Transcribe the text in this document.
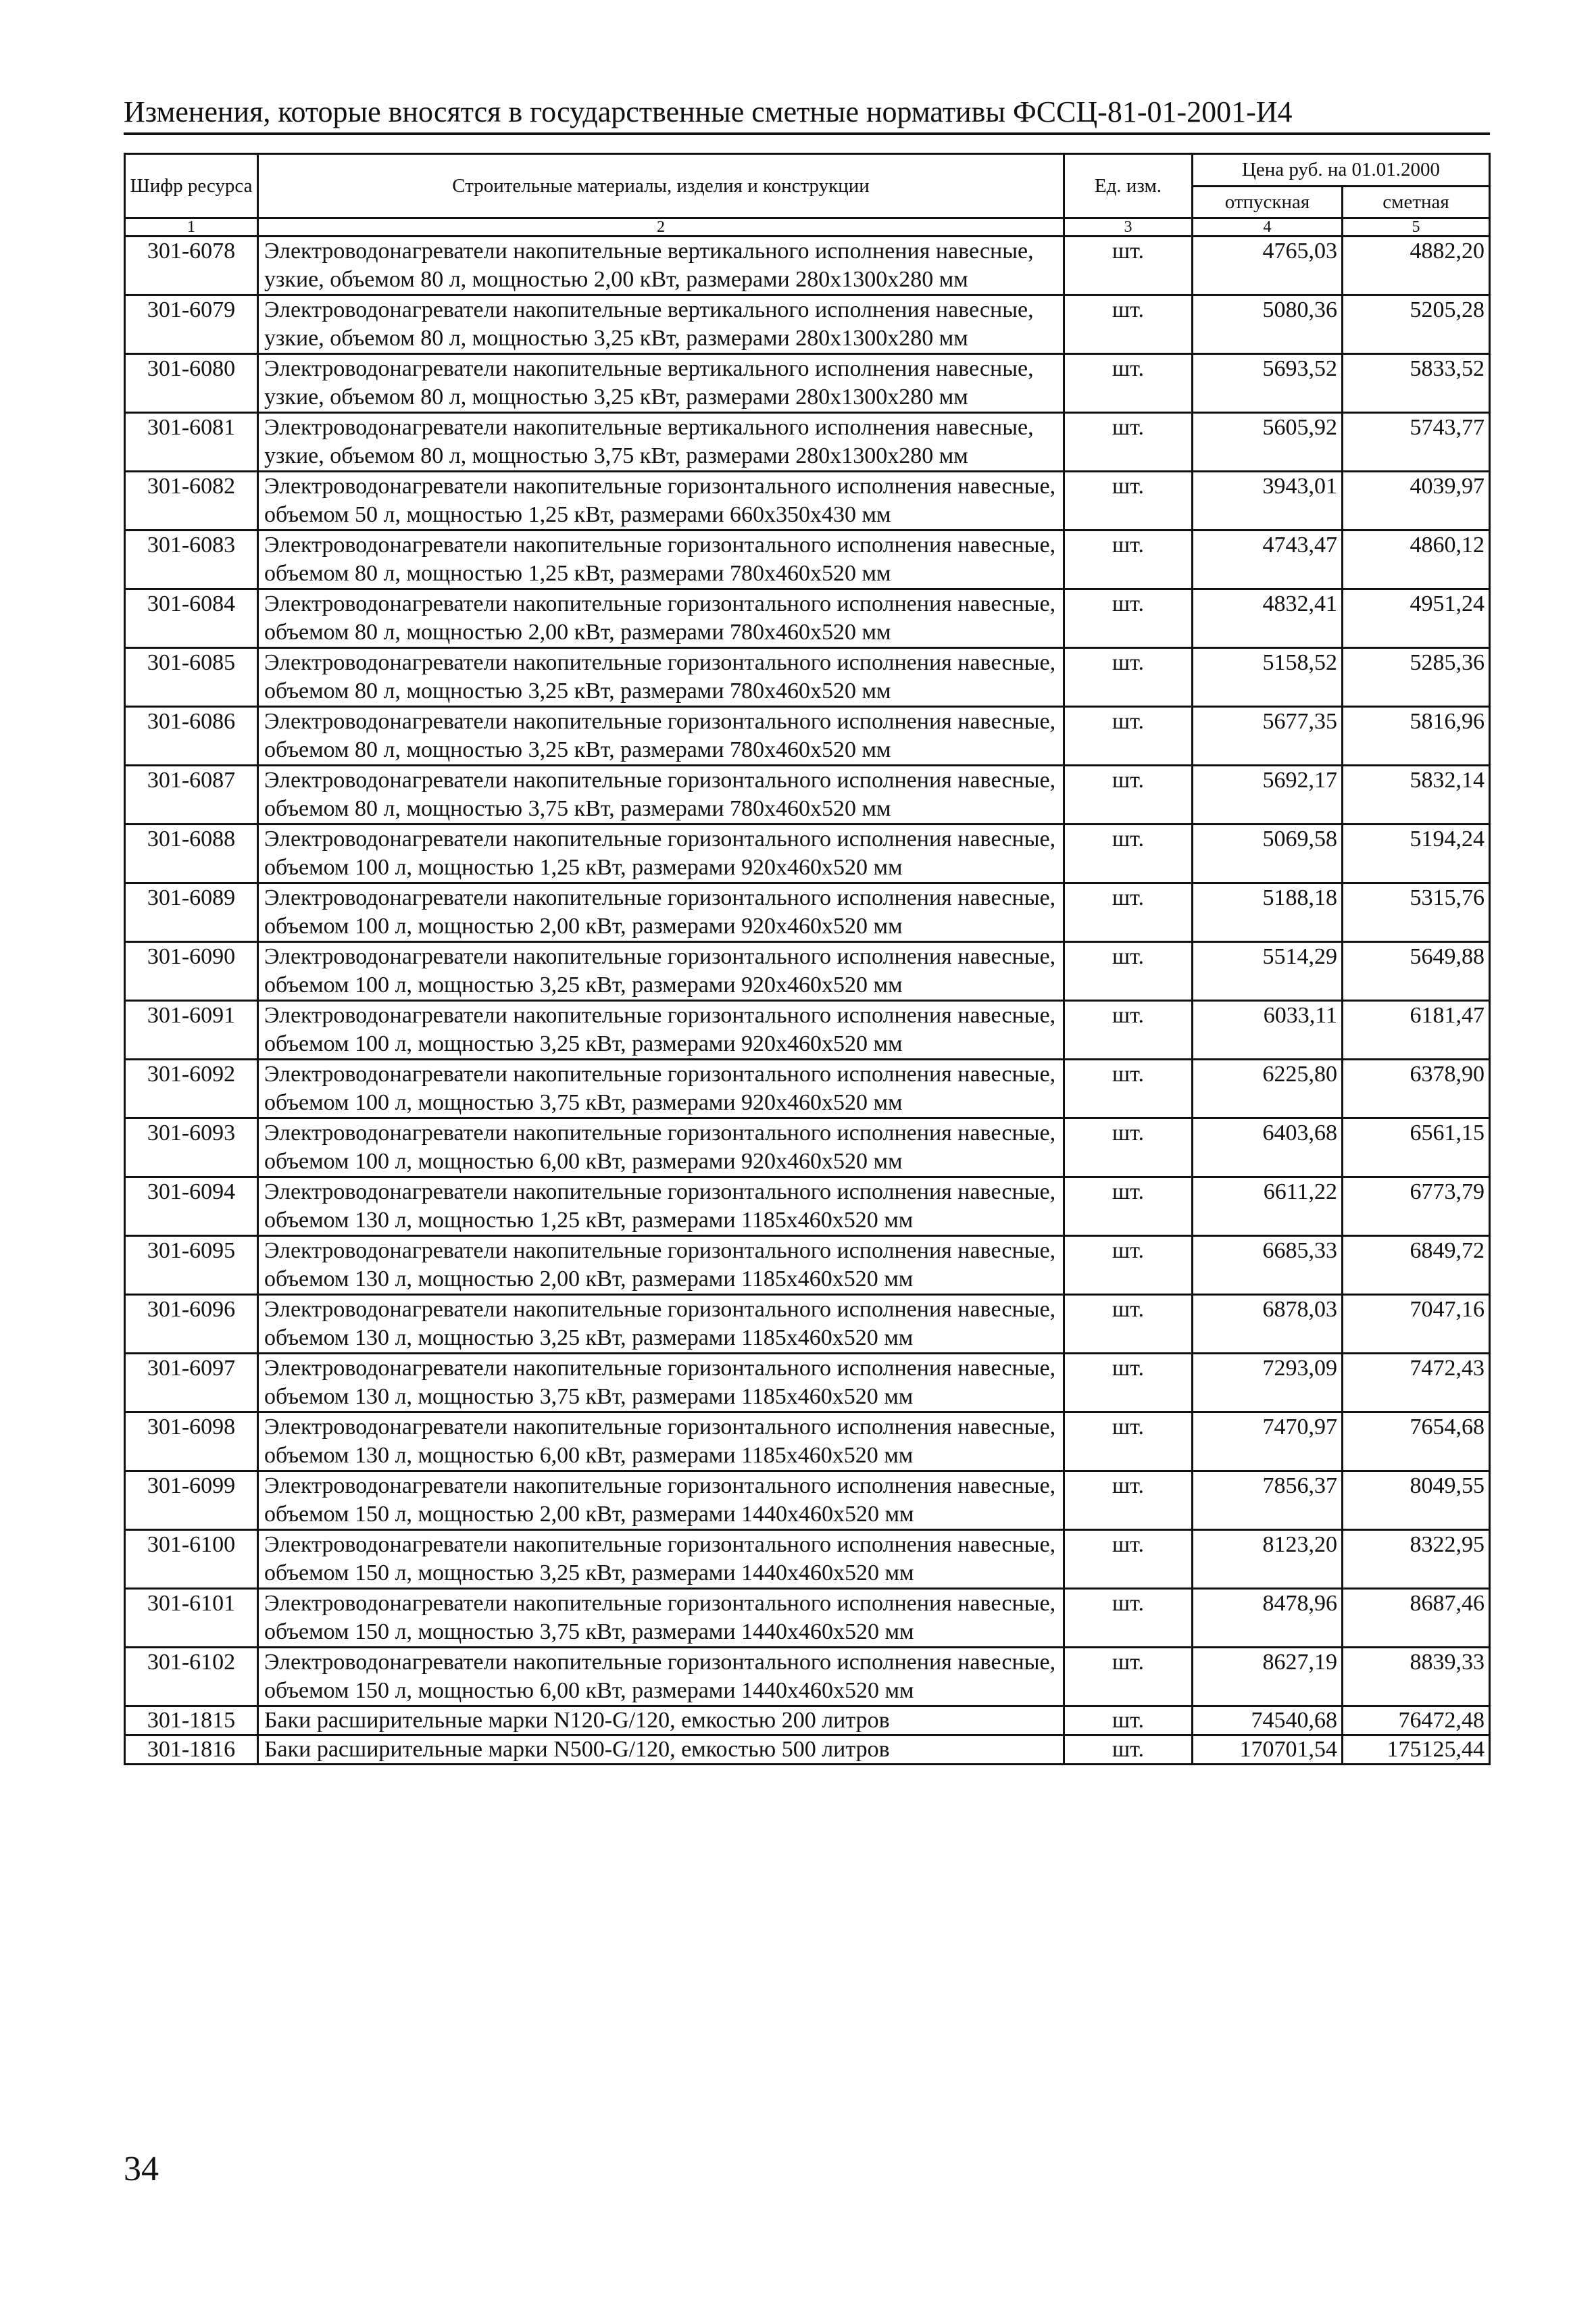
Изменения, которые вносятся в государственные сметные нормативы ФССЦ-81-01-2001-И4
Шифр ресурса	Строительные материалы, изделия и конструкции	Ед. изм.	Цена руб. на 01.01.2000	
			отпускная	сметная
1	2	3	4	5
301-6078	Электроводонагреватели накопительные вертикального исполнения навесные, узкие, объемом 80 л, мощностью 2,00 кВт, размерами 280x1300x280 мм	шт.	4765,03	4882,20
301-6079	Электроводонагреватели накопительные вертикального исполнения навесные, узкие, объемом 80 л, мощностью 3,25 кВт, размерами 280x1300x280 мм	шт.	5080,36	5205,28
301-6080	Электроводонагреватели накопительные вертикального исполнения навесные, узкие, объемом 80 л, мощностью 3,25 кВт, размерами 280x1300x280 мм	шт.	5693,52	5833,52
301-6081	Электроводонагреватели накопительные вертикального исполнения навесные, узкие, объемом 80 л, мощностью 3,75 кВт, размерами 280x1300x280 мм	шт.	5605,92	5743,77
301-6082	Электроводонагреватели накопительные горизонтального исполнения навесные, объемом 50 л, мощностью 1,25 кВт, размерами 660x350x430 мм	шт.	3943,01	4039,97
301-6083	Электроводонагреватели накопительные горизонтального исполнения навесные, объемом 80 л, мощностью 1,25 кВт, размерами 780x460x520 мм	шт.	4743,47	4860,12
301-6084	Электроводонагреватели накопительные горизонтального исполнения навесные, объемом 80 л, мощностью 2,00 кВт, размерами 780x460x520 мм	шт.	4832,41	4951,24
301-6085	Электроводонагреватели накопительные горизонтального исполнения навесные, объемом 80 л, мощностью 3,25 кВт, размерами 780x460x520 мм	шт.	5158,52	5285,36
301-6086	Электроводонагреватели накопительные горизонтального исполнения навесные, объемом 80 л, мощностью 3,25 кВт, размерами 780x460x520 мм	шт.	5677,35	5816,96
301-6087	Электроводонагреватели накопительные горизонтального исполнения навесные, объемом 80 л, мощностью 3,75 кВт, размерами 780x460x520 мм	шт.	5692,17	5832,14
301-6088	Электроводонагреватели накопительные горизонтального исполнения навесные, объемом 100 л, мощностью 1,25 кВт, размерами 920x460x520 мм	шт.	5069,58	5194,24
301-6089	Электроводонагреватели накопительные горизонтального исполнения навесные, объемом 100 л, мощностью 2,00 кВт, размерами 920x460x520 мм	шт.	5188,18	5315,76
301-6090	Электроводонагреватели накопительные горизонтального исполнения навесные, объемом 100 л, мощностью 3,25 кВт, размерами 920x460x520 мм	шт.	5514,29	5649,88
301-6091	Электроводонагреватели накопительные горизонтального исполнения навесные, объемом 100 л, мощностью 3,25 кВт, размерами 920x460x520 мм	шт.	6033,11	6181,47
301-6092	Электроводонагреватели накопительные горизонтального исполнения навесные, объемом 100 л, мощностью 3,75 кВт, размерами 920x460x520 мм	шт.	6225,80	6378,90
301-6093	Электроводонагреватели накопительные горизонтального исполнения навесные, объемом 100 л, мощностью 6,00 кВт, размерами 920x460x520 мм	шт.	6403,68	6561,15
301-6094	Электроводонагреватели накопительные горизонтального исполнения навесные, объемом 130 л, мощностью 1,25 кВт, размерами 1185x460x520 мм	шт.	6611,22	6773,79
301-6095	Электроводонагреватели накопительные горизонтального исполнения навесные, объемом 130 л, мощностью 2,00 кВт, размерами 1185x460x520 мм	шт.	6685,33	6849,72
301-6096	Электроводонагреватели накопительные горизонтального исполнения навесные, объемом 130 л, мощностью 3,25 кВт, размерами 1185x460x520 мм	шт.	6878,03	7047,16
301-6097	Электроводонагреватели накопительные горизонтального исполнения навесные, объемом 130 л, мощностью 3,75 кВт, размерами 1185x460x520 мм	шт.	7293,09	7472,43
301-6098	Электроводонагреватели накопительные горизонтального исполнения навесные, объемом 130 л, мощностью 6,00 кВт, размерами 1185x460x520 мм	шт.	7470,97	7654,68
301-6099	Электроводонагреватели накопительные горизонтального исполнения навесные, объемом 150 л, мощностью 2,00 кВт, размерами 1440x460x520 мм	шт.	7856,37	8049,55
301-6100	Электроводонагреватели накопительные горизонтального исполнения навесные, объемом 150 л, мощностью 3,25 кВт, размерами 1440x460x520 мм	шт.	8123,20	8322,95
301-6101	Электроводонагреватели накопительные горизонтального исполнения навесные, объемом 150 л, мощностью 3,75 кВт, размерами 1440x460x520 мм	шт.	8478,96	8687,46
301-6102	Электроводонагреватели накопительные горизонтального исполнения навесные, объемом 150 л, мощностью 6,00 кВт, размерами 1440x460x520 мм	шт.	8627,19	8839,33
301-1815	Баки расширительные марки N120-G/120, емкостью 200 литров	шт.	74540,68	76472,48
301-1816	Баки расширительные марки N500-G/120, емкостью 500 литров	шт.	170701,54	175125,44
34
